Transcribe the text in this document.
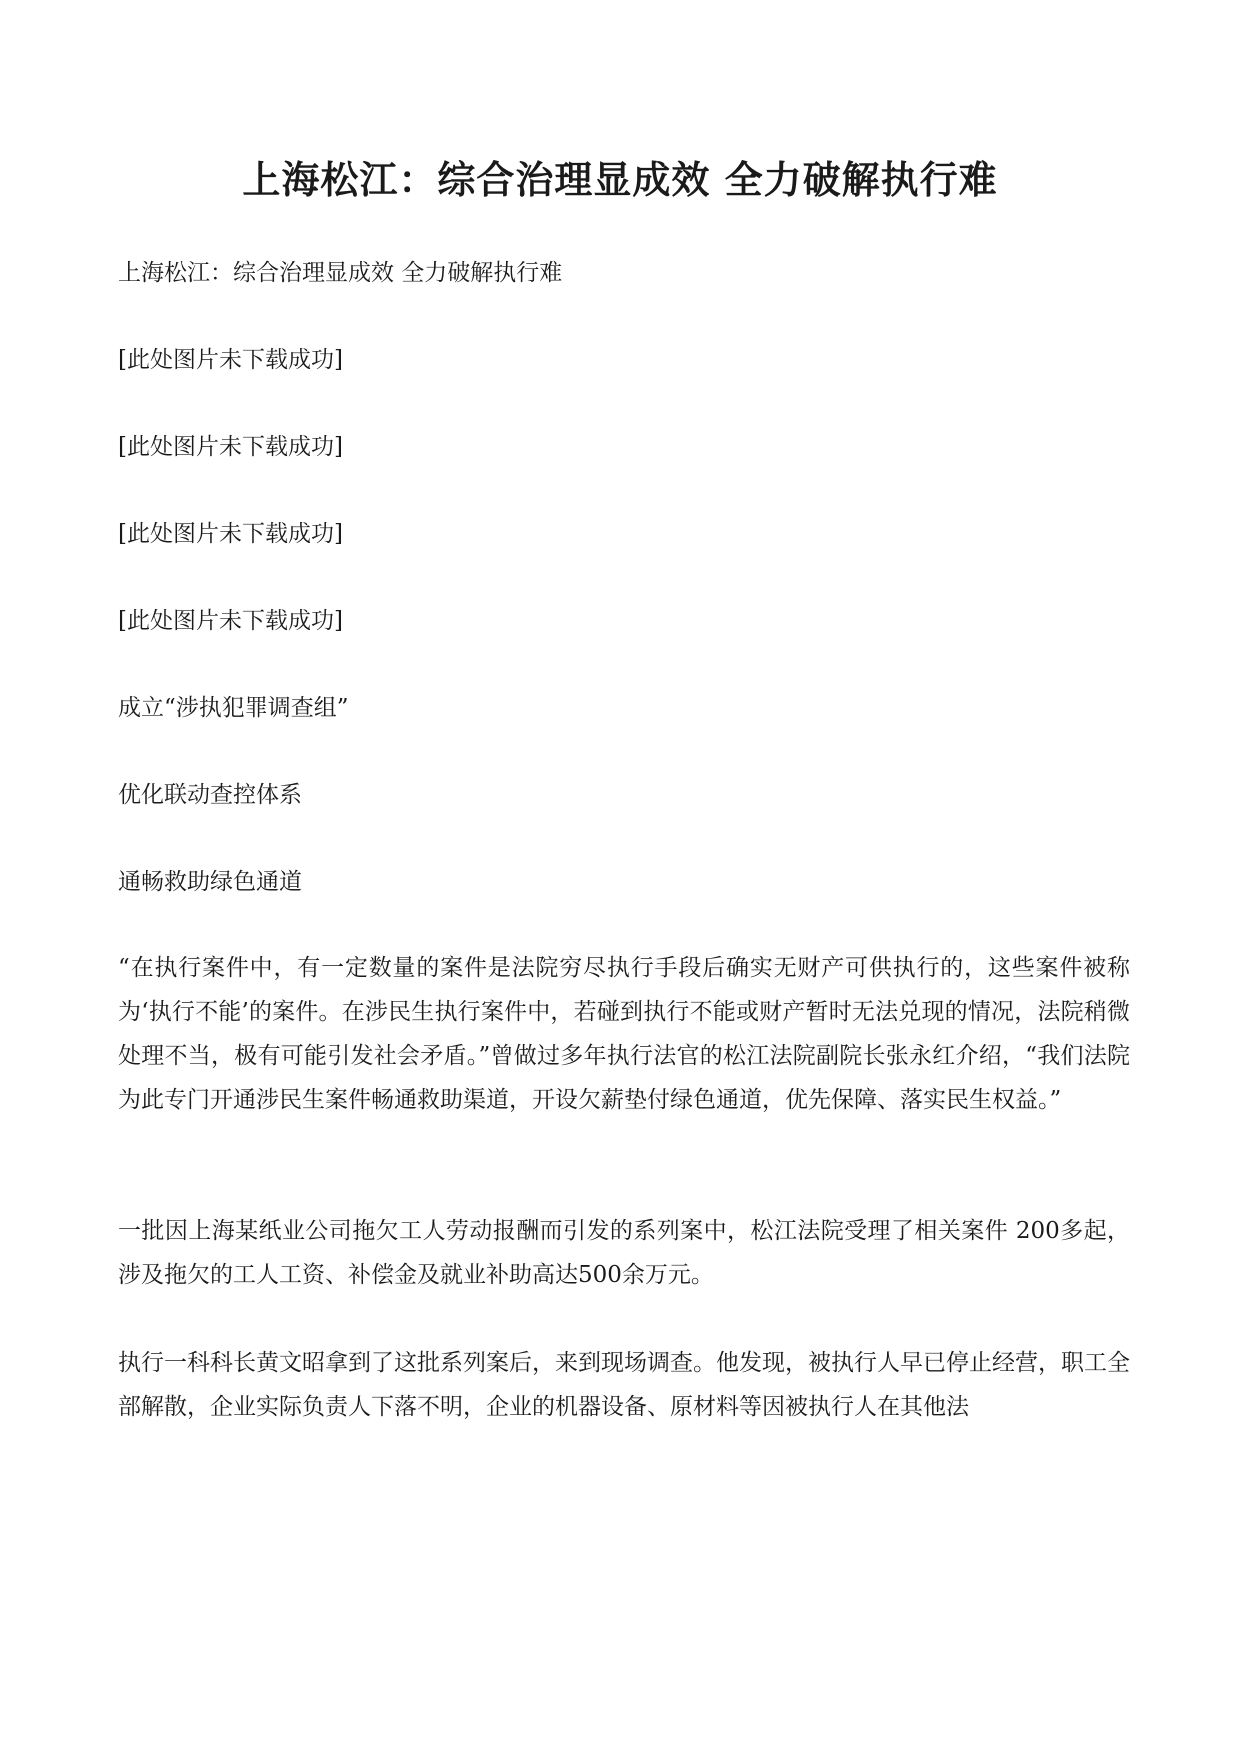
上海松江：综合治理显成效 全力破解执行难

上海松江：综合治理显成效 全力破解执行难

[此处图片未下载成功]

[此处图片未下载成功]

[此处图片未下载成功]

[此处图片未下载成功]

成立“涉执犯罪调查组”

优化联动查控体系

通畅救助绿色通道

“在执行案件中，有一定数量的案件是法院穷尽执行手段后确实无财产可供执行的，这些案件被称为‘执行不能’的案件。在涉民生执行案件中，若碰到执行不能或财产暂时无法兑现的情况，法院稍微处理不当，极有可能引发社会矛盾。”曾做过多年执行法官的松江法院副院长张永红介绍，“我们法院为此专门开通涉民生案件畅通救助渠道，开设欠薪垫付绿色通道，优先保障、落实民生权益。”

一批因上海某纸业公司拖欠工人劳动报酬而引发的系列案中，松江法院受理了相关案件 200多起，涉及拖欠的工人工资、补偿金及就业补助高达500余万元。

执行一科科长黄文昭拿到了这批系列案后，来到现场调查。他发现，被执行人早已停止经营，职工全部解散，企业实际负责人下落不明，企业的机器设备、原材料等因被执行人在其他法
